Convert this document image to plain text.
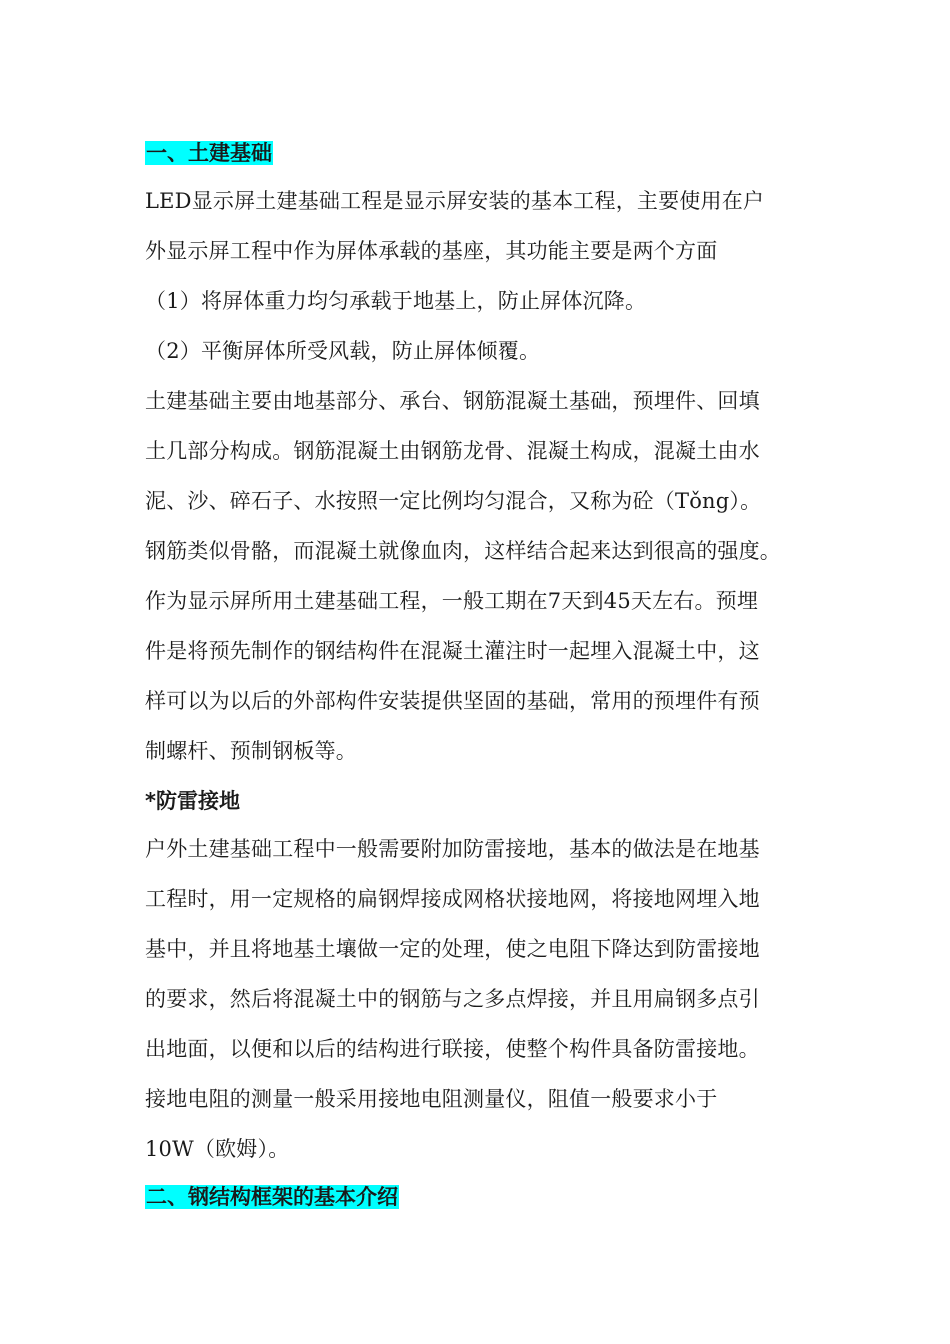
一、土建基础
LED显示屏土建基础工程是显示屏安装的基本工程，主要使用在户
外显示屏工程中作为屏体承载的基座，其功能主要是两个方面
（1）将屏体重力均匀承载于地基上，防止屏体沉降。
（2）平衡屏体所受风载，防止屏体倾覆。
土建基础主要由地基部分、承台、钢筋混凝土基础，预埋件、回填
土几部分构成。钢筋混凝土由钢筋龙骨、混凝土构成，混凝土由水
泥、沙、碎石子、水按照一定比例均匀混合，又称为砼（Tǒng）。
钢筋类似骨骼，而混凝土就像血肉，这样结合起来达到很高的强度。
作为显示屏所用土建基础工程，一般工期在7天到45天左右。预埋
件是将预先制作的钢结构件在混凝土灌注时一起埋入混凝土中，这
样可以为以后的外部构件安装提供坚固的基础，常用的预埋件有预
制螺杆、预制钢板等。
*防雷接地
户外土建基础工程中一般需要附加防雷接地，基本的做法是在地基
工程时，用一定规格的扁钢焊接成网格状接地网，将接地网埋入地
基中，并且将地基土壤做一定的处理，使之电阻下降达到防雷接地
的要求，然后将混凝土中的钢筋与之多点焊接，并且用扁钢多点引
出地面，以便和以后的结构进行联接，使整个构件具备防雷接地。
接地电阻的测量一般采用接地电阻测量仪，阻值一般要求小于
10W（欧姆）。
二、钢结构框架的基本介绍
